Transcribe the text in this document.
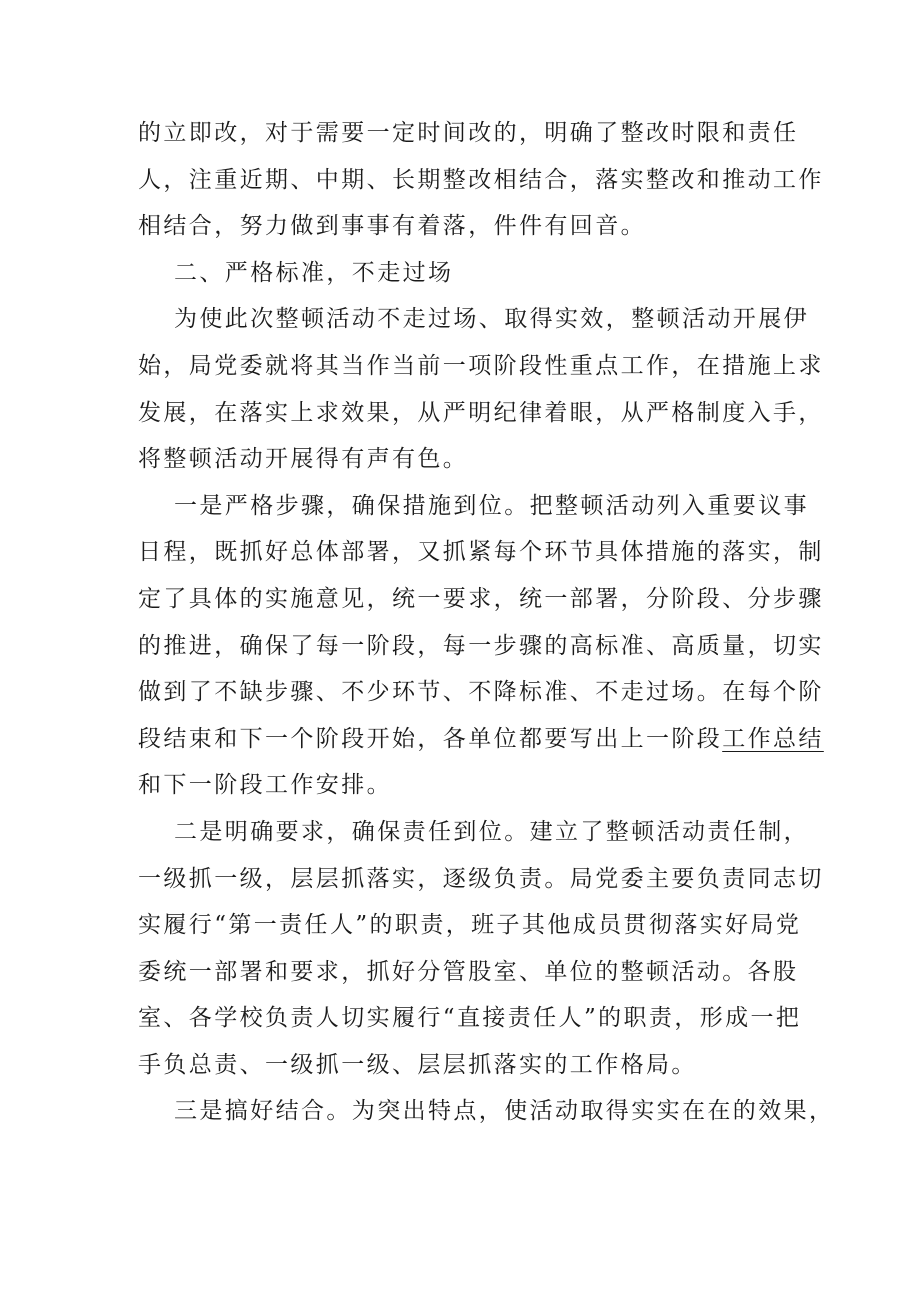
的立即改，对于需要一定时间改的，明确了整改时限和责任
人，注重近期、中期、长期整改相结合，落实整改和推动工作
相结合，努力做到事事有着落，件件有回音。
二、严格标准，不走过场
为使此次整顿活动不走过场、取得实效，整顿活动开展伊
始，局党委就将其当作当前一项阶段性重点工作，在措施上求
发展，在落实上求效果，从严明纪律着眼，从严格制度入手，
将整顿活动开展得有声有色。
一是严格步骤，确保措施到位。把整顿活动列入重要议事
日程，既抓好总体部署，又抓紧每个环节具体措施的落实，制
定了具体的实施意见，统一要求，统一部署，分阶段、分步骤
的推进，确保了每一阶段，每一步骤的高标准、高质量，切实
做到了不缺步骤、不少环节、不降标准、不走过场。在每个阶
段结束和下一个阶段开始，各单位都要写出上一阶段工作总结
和下一阶段工作安排。
二是明确要求，确保责任到位。建立了整顿活动责任制，
一级抓一级，层层抓落实，逐级负责。局党委主要负责同志切
实履行“第一责任人”的职责，班子其他成员贯彻落实好局党
委统一部署和要求，抓好分管股室、单位的整顿活动。各股
室、各学校负责人切实履行“直接责任人”的职责，形成一把
手负总责、一级抓一级、层层抓落实的工作格局。
三是搞好结合。为突出特点，使活动取得实实在在的效果，
